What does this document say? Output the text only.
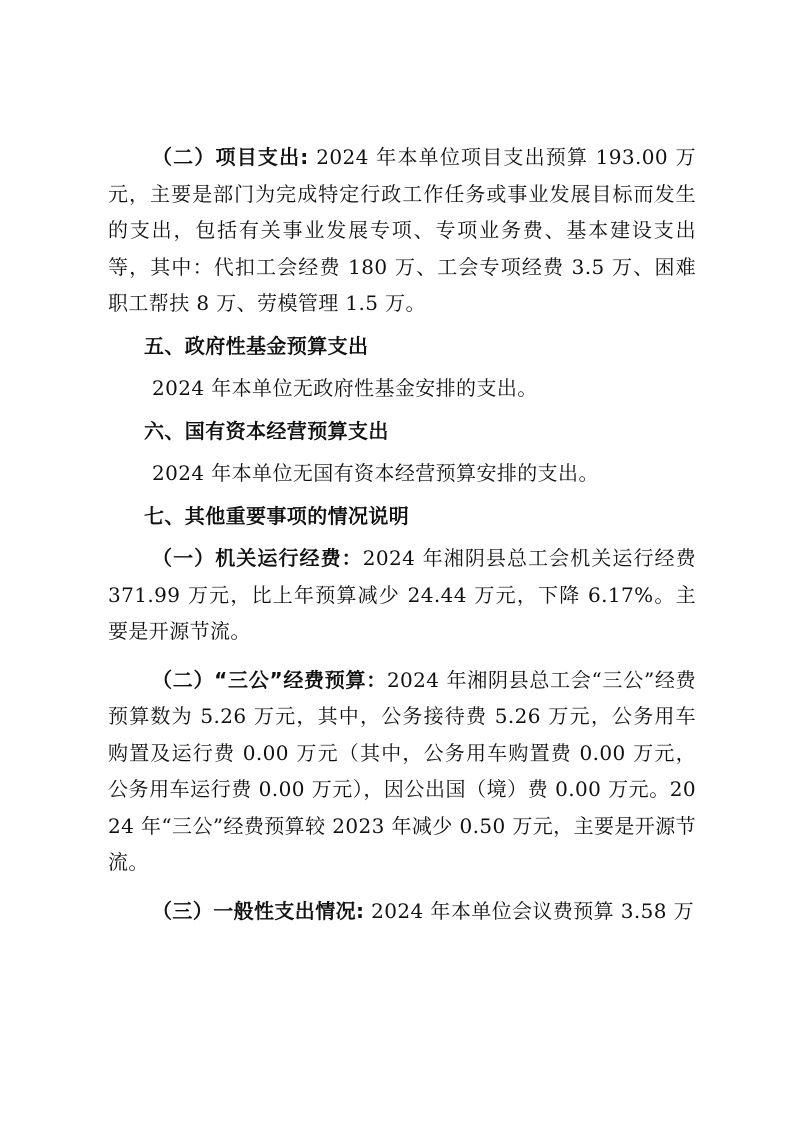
（二）项目支出: 2024 年本单位项目支出预算 193.00 万元，主要是部门为完成特定行政工作任务或事业发展目标而发生的支出，包括有关事业发展专项、专项业务费、基本建设支出等，其中：代扣工会经费 180 万、工会专项经费 3.5 万、困难职工帮扶 8 万、劳模管理 1.5 万。

五、政府性基金预算支出

2024 年本单位无政府性基金安排的支出。

六、国有资本经营预算支出

2024 年本单位无国有资本经营预算安排的支出。

七、其他重要事项的情况说明

（一）机关运行经费：2024 年湘阴县总工会机关运行经费 371.99 万元，比上年预算减少 24.44 万元，下降 6.17%。主要是开源节流。

（二）“三公”经费预算：2024 年湘阴县总工会“三公”经费预算数为 5.26 万元，其中，公务接待费 5.26 万元，公务用车购置及运行费 0.00 万元（其中，公务用车购置费 0.00 万元，公务用车运行费 0.00 万元），因公出国（境）费 0.00 万元。2024 年“三公”经费预算较 2023 年减少 0.50 万元，主要是开源节流。

（三）一般性支出情况: 2024 年本单位会议费预算 3.58 万
